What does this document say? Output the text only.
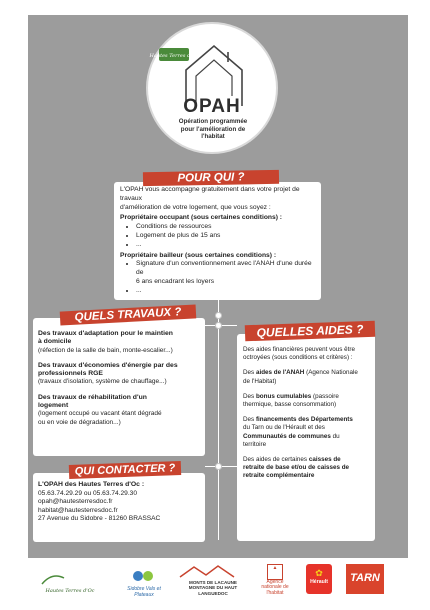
Hautes Terres d'Oc
OPAH
Opération programmée
pour l'amélioration de
l'habitat

L'OPAH vous accompagne gratuitement dans votre projet de travaux

d'amélioration de votre logement, que vous soyez :

Propriétaire occupant (sous certaines conditions) :

• Conditions de ressources
• Logement de plus de 15 ans
• ...

Propriétaire bailleur (sous certaines conditions) :

• Signature d'un conventionnement avec l'ANAH d'une durée de
6 ans encadrant les loyers
• ...
POUR QUI ?

Des travaux d'adaptation pour le maintien

à domicile

(réfection de la salle de bain, monte-escalier...)

Des travaux d'économies d'énergie par des

professionnels RGE

(travaux d'isolation, système de chauffage...)

Des travaux de réhabilitation d'un

logement

(logement occupé ou vacant étant dégradé

ou en voie de dégradation...)

QUELS TRAVAUX ?

Des aides financières peuvent vous être

octroyées (sous conditions et critères) :

Des aides de l'ANAH (Agence Nationale

de l'Habitat)

Des bonus cumulables (passoire

thermique, basse consommation)

Des financements des Départements

du Tarn ou de l'Hérault et des

Communautés de communes du

territoire

Des aides de certaines caisses de

retraite de base et/ou de caisses de

retraite complémentaire

QUELLES AIDES ?

L'OPAH des Hautes Terres d'Oc :

05.63.74.29.29 ou 05.63.74.29.30

opah@hautesterresdoc.fr

habitat@hautesterresdoc.fr

27 Avenue du Sidobre - 81260 BRASSAC

QUI CONTACTER ?
Hautes Terres d'Oc	Sidobre Vals et Plateaux
MONTS DE LACAUNE MONTAGNE DU HAUT LANGUEDOC
▲
Agence nationale de l'habitat
✿
Hérault	TARN
